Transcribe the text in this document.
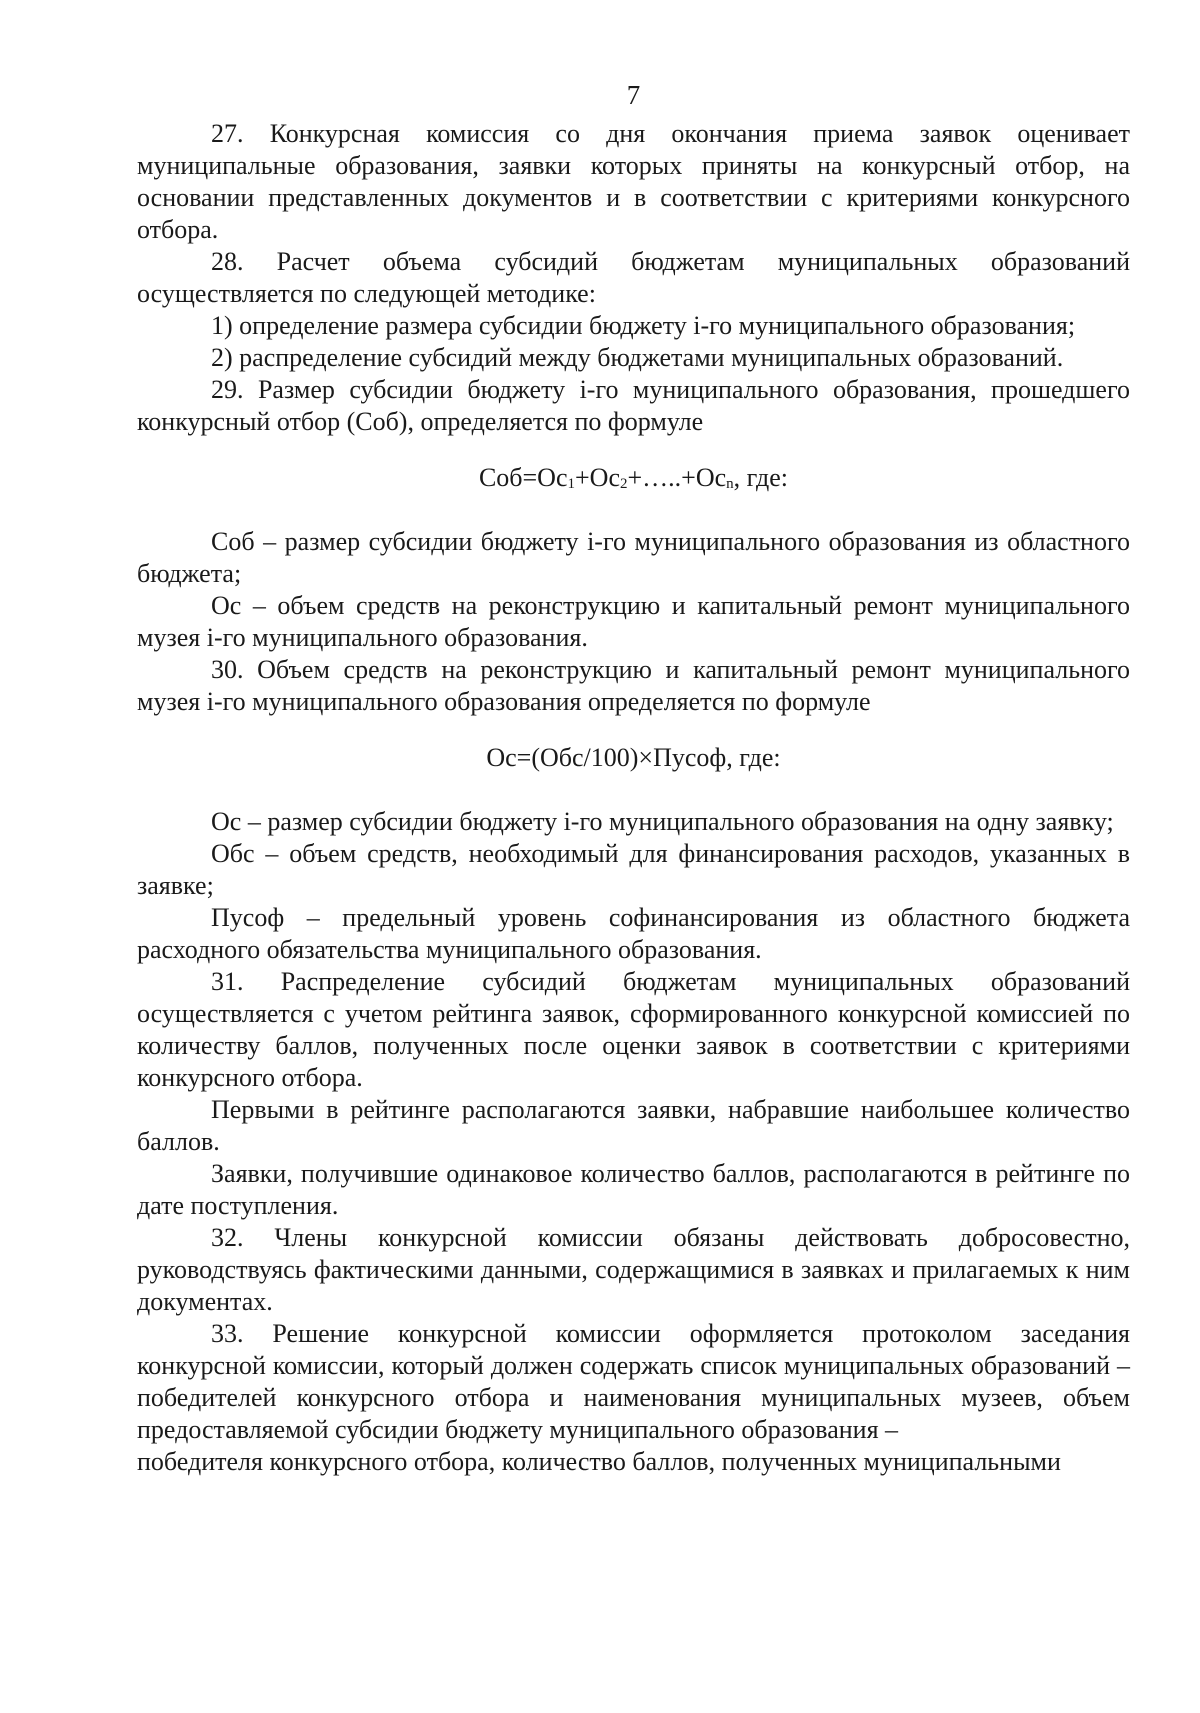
7

27. Конкурсная комиссия со дня окончания приема заявок оценивает муниципальные образования, заявки которых приняты на конкурсный отбор, на основании представленных документов и в соответствии с критериями конкурсного отбора.

28. Расчет объема субсидий бюджетам муниципальных образований осуществляется по следующей методике:

1) определение размера субсидии бюджету i-го муниципального образования;

2) распределение субсидий между бюджетами муниципальных образований.

29. Размер субсидии бюджету i-го муниципального образования, прошедшего конкурсный отбор (Соб), определяется по формуле

$Соб=Ос_1+Ос_2+\dots..+Ос_n$, где:

Соб – размер субсидии бюджету i-го муниципального образования из областного бюджета;

Ос – объем средств на реконструкцию и капитальный ремонт муниципального музея i-го муниципального образования.

30. Объем средств на реконструкцию и капитальный ремонт муниципального музея i-го муниципального образования определяется по формуле

Ос=(Обс/100)×Пусоф, где:

Ос – размер субсидии бюджету i-го муниципального образования на одну заявку;

Обс – объем средств, необходимый для финансирования расходов, указанных в заявке;

Пусоф – предельный уровень софинансирования из областного бюджета расходного обязательства муниципального образования.

31. Распределение субсидий бюджетам муниципальных образований осуществляется с учетом рейтинга заявок, сформированного конкурсной комиссией по количеству баллов, полученных после оценки заявок в соответствии с критериями конкурсного отбора.

Первыми в рейтинге располагаются заявки, набравшие наибольшее количество баллов.

Заявки, получившие одинаковое количество баллов, располагаются в рейтинге по дате поступления.

32. Члены конкурсной комиссии обязаны действовать добросовестно, руководствуясь фактическими данными, содержащимися в заявках и прилагаемых к ним документах.

33. Решение конкурсной комиссии оформляется протоколом заседания конкурсной комиссии, который должен содержать список муниципальных образований – победителей конкурсного отбора и наименования муниципальных музеев, объем предоставляемой субсидии бюджету муниципального образования –

победителя конкурсного отбора, количество баллов, полученных муниципальными
